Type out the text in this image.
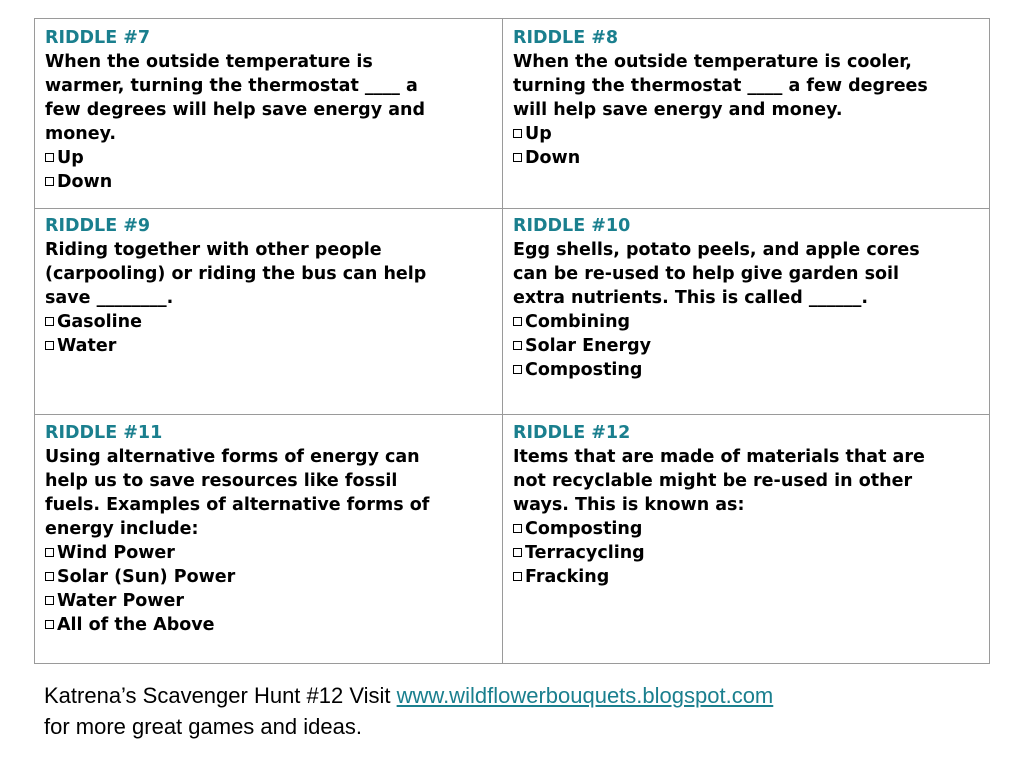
RIDDLE #7
When the outside temperature is
warmer, turning the thermostat ____ a
few degrees will help save energy and
money.
Up
Down
RIDDLE #8
When the outside temperature is cooler,
turning the thermostat ____ a few degrees
will help save energy and money.
Up
Down
RIDDLE #9
Riding together with other people
(carpooling) or riding the bus can help
save ________.
Gasoline
Water
RIDDLE #10
Egg shells, potato peels, and apple cores
can be re-used to help give garden soil
extra nutrients. This is called ______.
Combining
Solar Energy
Composting
RIDDLE #11
Using alternative forms of energy can
help us to save resources like fossil
fuels. Examples of alternative forms of
energy include:
Wind Power
Solar (Sun) Power
Water Power
All of the Above
RIDDLE #12
Items that are made of materials that are
not recyclable might be re-used in other
ways. This is known as:
Composting
Terracycling
Fracking
Katrena’s Scavenger Hunt #12 Visit www.wildflowerbouquets.blogspot.com
for more great games and ideas.
